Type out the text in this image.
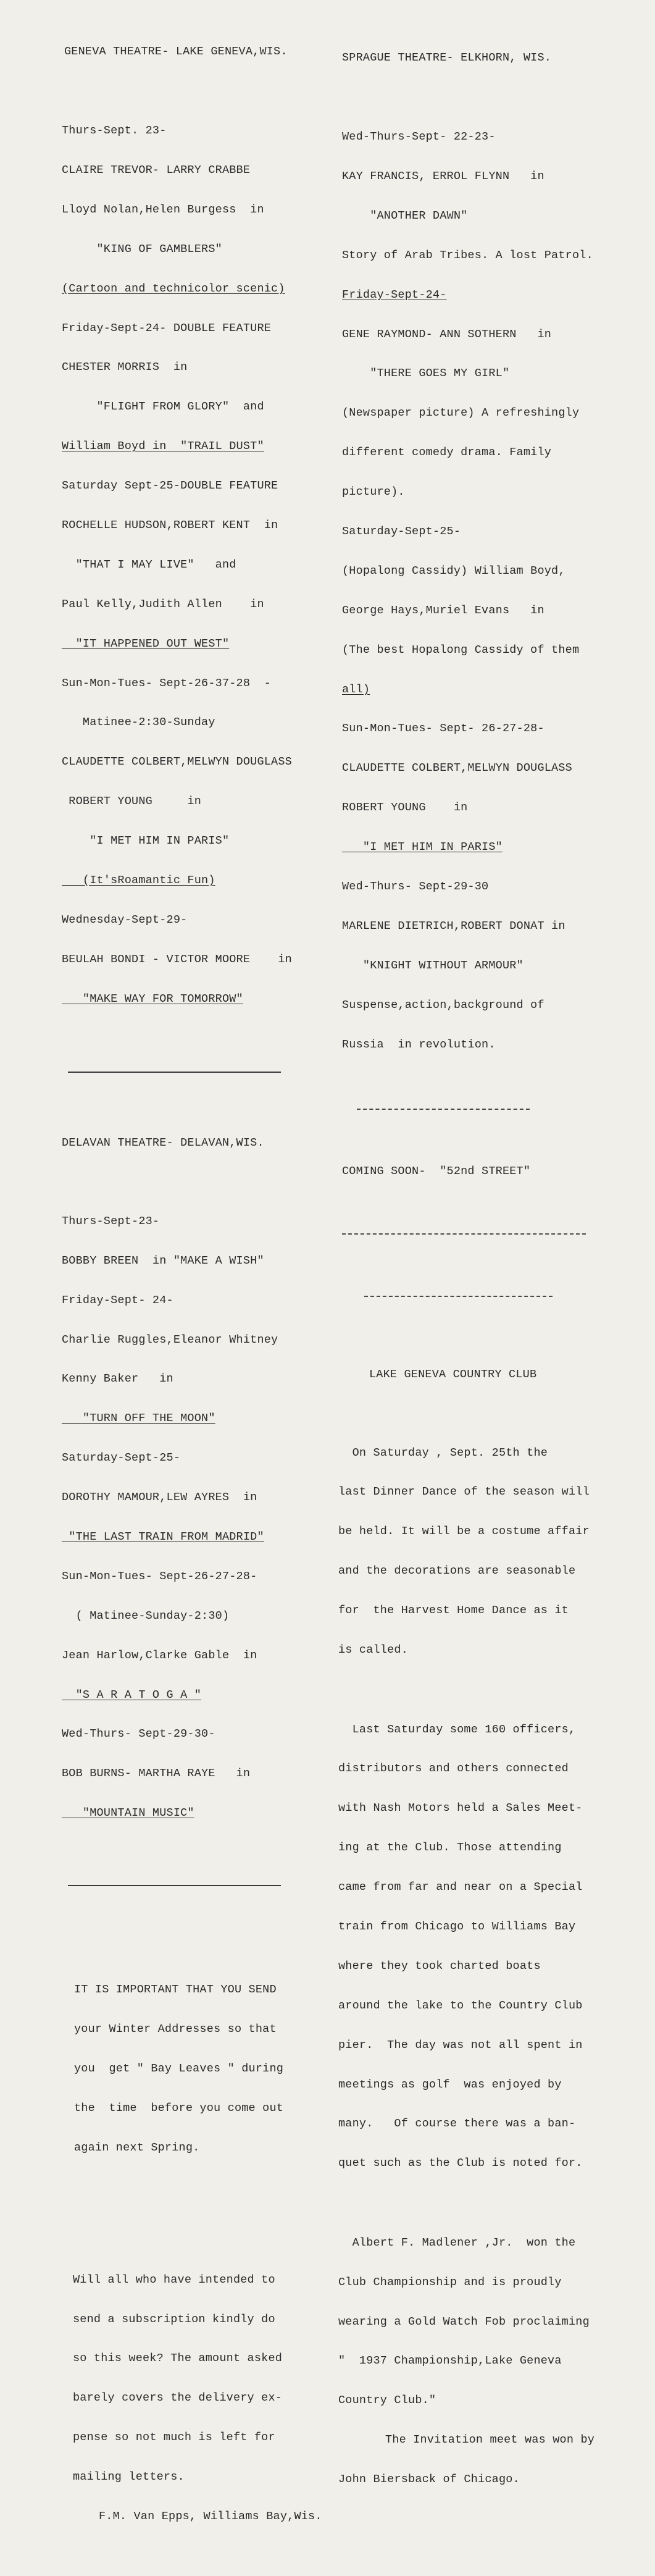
GENEVA THEATRE- LAKE GENEVA,WIS.

Thurs-Sept. 23-

CLAIRE TREVOR- LARRY CRABBE

Lloyd Nolan,Helen Burgess  in

"KING OF GAMBLERS"

(Cartoon and technicolor scenic)

Friday-Sept-24- DOUBLE FEATURE

CHESTER MORRIS  in

"FLIGHT FROM GLORY"  and

William Boyd in  "TRAIL DUST"

Saturday Sept-25-DOUBLE FEATURE

ROCHELLE HUDSON,ROBERT KENT  in

"THAT I MAY LIVE"   and

Paul Kelly,Judith Allen    in

"IT HAPPENED OUT WEST"

Sun-Mon-Tues- Sept-26-37-28  -

Matinee-2:30-Sunday

CLAUDETTE COLBERT,MELWYN DOUGLASS

ROBERT YOUNG     in

"I MET HIM IN PARIS"

(It'sRoamantic Fun)

Wednesday-Sept-29-

BEULAH BONDI - VICTOR MOORE    in

"MAKE WAY FOR TOMORROW"

DELAVAN THEATRE- DELAVAN,WIS.

Thurs-Sept-23-

BOBBY BREEN  in "MAKE A WISH"

Friday-Sept- 24-

Charlie Ruggles,Eleanor Whitney

Kenny Baker   in

"TURN OFF THE MOON"

Saturday-Sept-25-

DOROTHY MAMOUR,LEW AYRES  in

"THE LAST TRAIN FROM MADRID"

Sun-Mon-Tues- Sept-26-27-28-

( Matinee-Sunday-2:30)

Jean Harlow,Clarke Gable  in

"S A R A T O G A "

Wed-Thurs- Sept-29-30-

BOB BURNS- MARTHA RAYE   in

"MOUNTAIN MUSIC"

IT IS IMPORTANT THAT YOU SEND

your Winter Addresses so that

you  get " Bay Leaves " during

the  time  before you come out

again next Spring.

Will all who have intended to

send a subscription kindly do

so this week? The amount asked

barely covers the delivery ex-

pense so not much is left for

mailing letters.

F.M. Van Epps, Williams Bay,Wis.

SPRAGUE THEATRE- ELKHORN, WIS.

Wed-Thurs-Sept- 22-23-

KAY FRANCIS, ERROL FLYNN   in

"ANOTHER DAWN"

Story of Arab Tribes. A lost Patrol.

Friday-Sept-24-

GENE RAYMOND- ANN SOTHERN   in

"THERE GOES MY GIRL"

(Newspaper picture) A refreshingly

different comedy drama. Family

picture).

Saturday-Sept-25-

(Hopalong Cassidy) William Boyd,

George Hays,Muriel Evans   in

(The best Hopalong Cassidy of them

all)

Sun-Mon-Tues- Sept- 26-27-28-

CLAUDETTE COLBERT,MELWYN DOUGLASS

ROBERT YOUNG    in

"I MET HIM IN PARIS"

Wed-Thurs- Sept-29-30

MARLENE DIETRICH,ROBERT DONAT in

"KNIGHT WITHOUT ARMOUR"

Suspense,action,background of

Russia  in revolution.

COMING SOON-  "52nd STREET"

LAKE GENEVA COUNTRY CLUB

On Saturday , Sept. 25th the

last Dinner Dance of the season will

be held. It will be a costume affair

and the decorations are seasonable

for  the Harvest Home Dance as it

is called.

Last Saturday some 160 officers,

distributors and others connected

with Nash Motors held a Sales Meet-

ing at the Club. Those attending

came from far and near on a Special

train from Chicago to Williams Bay

where they took charted boats

around the lake to the Country Club

pier.  The day was not all spent in

meetings as golf  was enjoyed by

many.   Of course there was a ban-

quet such as the Club is noted for.

Albert F. Madlener ,Jr.  won the

Club Championship and is proudly

wearing a Gold Watch Fob proclaiming

"  1937 Championship,Lake Geneva

Country Club."

The Invitation meet was won by

John Biersback of Chicago.
